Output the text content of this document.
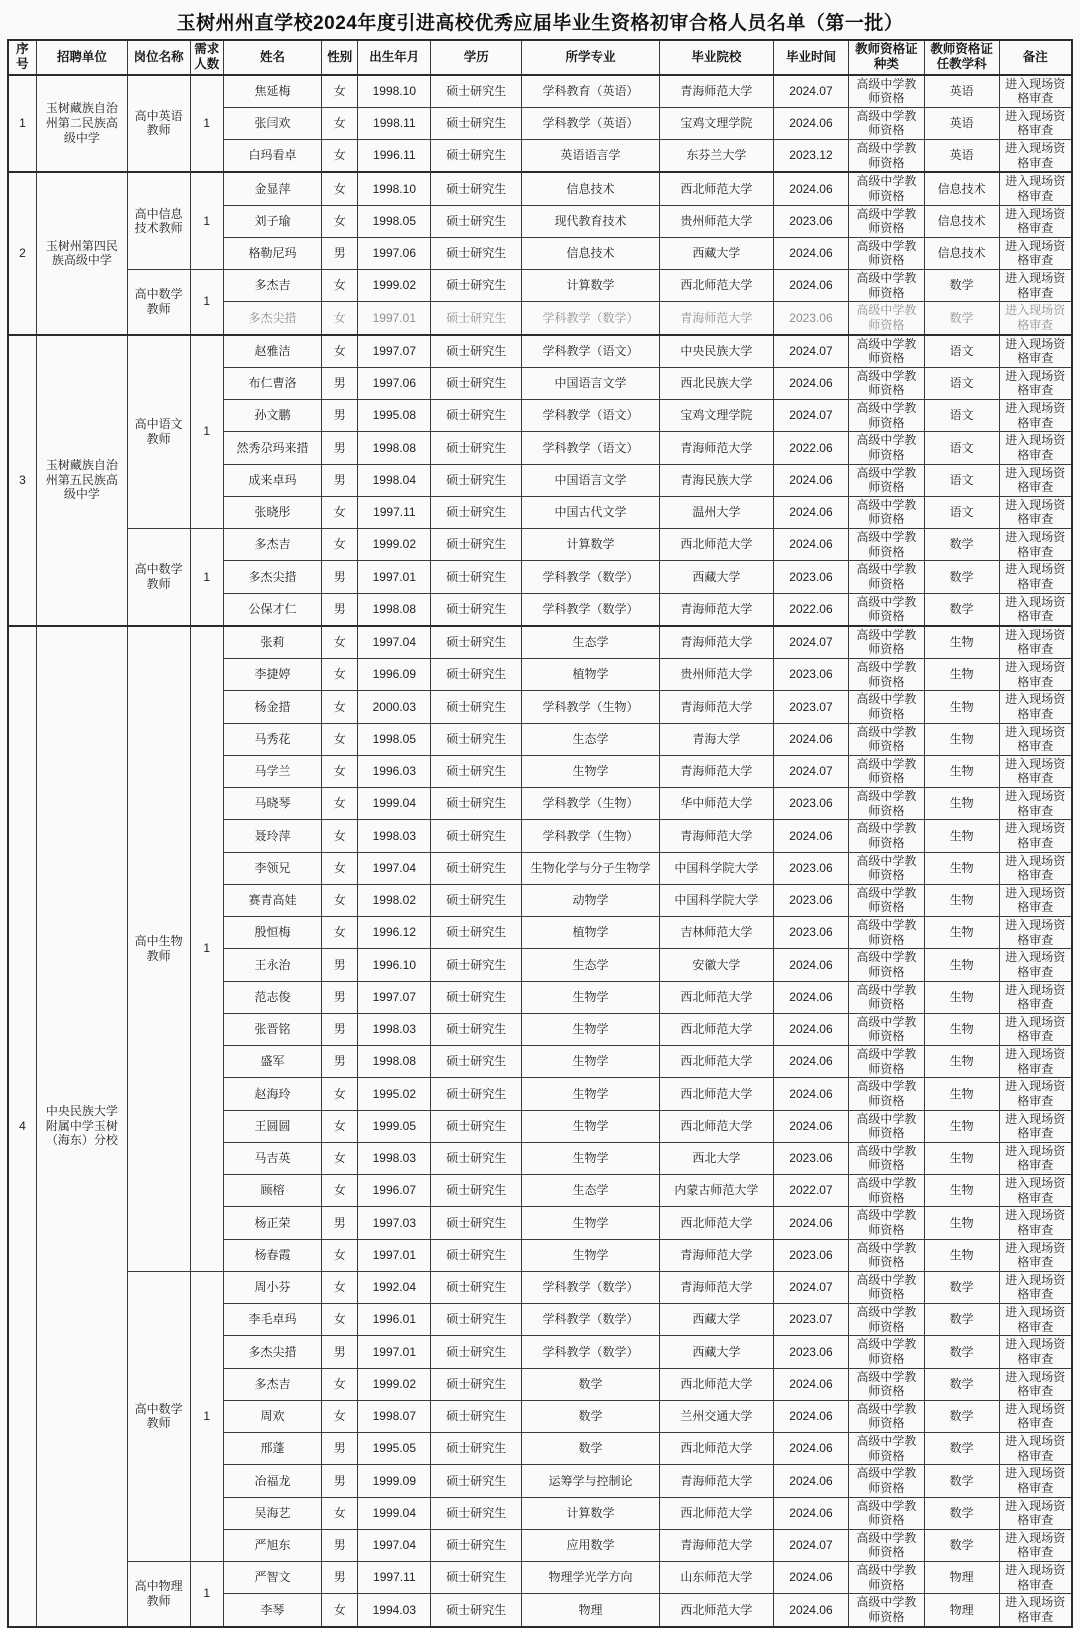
玉树州州直学校2024年度引进高校优秀应届毕业生资格初审合格人员名单（第一批）
序号	招聘单位	岗位名称	需求人数	姓名	性别	出生年月	学历	所学专业	毕业院校	毕业时间	教师资格证种类	教师资格证任教学科	备注
1	玉树藏族自治州第二民族高级中学	高中英语教师	1	焦延梅	女	1998.10	硕士研究生	学科教育（英语）	青海师范大学	2024.07	高级中学教师资格	英语	进入现场资格审查
				张闫欢	女	1998.11	硕士研究生	学科教学（英语）	宝鸡文理学院	2024.06	高级中学教师资格	英语	进入现场资格审查
				白玛看卓	女	1996.11	硕士研究生	英语语言学	东芬兰大学	2023.12	高级中学教师资格	英语	进入现场资格审查
2	玉树州第四民族高级中学	高中信息技术教师	1	金显萍	女	1998.10	硕士研究生	信息技术	西北师范大学	2024.06	高级中学教师资格	信息技术	进入现场资格审查
				刘子瑜	女	1998.05	硕士研究生	现代教育技术	贵州师范大学	2023.06	高级中学教师资格	信息技术	进入现场资格审查
				格勒尼玛	男	1997.06	硕士研究生	信息技术	西藏大学	2024.06	高级中学教师资格	信息技术	进入现场资格审查
		高中数学教师	1	多杰吉	女	1999.02	硕士研究生	计算数学	西北师范大学	2024.06	高级中学教师资格	数学	进入现场资格审查
				多杰尖措	女	1997.01	硕士研究生	学科教学（数学）	青海师范大学	2023.06	高级中学教师资格	数学	进入现场资格审查
3	玉树藏族自治州第五民族高级中学	高中语文教师	1	赵雅洁	女	1997.07	硕士研究生	学科教学（语文）	中央民族大学	2024.07	高级中学教师资格	语文	进入现场资格审查
				布仁曹洛	男	1997.06	硕士研究生	中国语言文学	西北民族大学	2024.06	高级中学教师资格	语文	进入现场资格审查
				孙文鹏	男	1995.08	硕士研究生	学科教学（语文）	宝鸡文理学院	2024.07	高级中学教师资格	语文	进入现场资格审查
				然秀尕玛来措	男	1998.08	硕士研究生	学科教学（语文）	青海师范大学	2022.06	高级中学教师资格	语文	进入现场资格审查
				成来卓玛	男	1998.04	硕士研究生	中国语言文学	青海民族大学	2024.06	高级中学教师资格	语文	进入现场资格审查
				张晓彤	女	1997.11	硕士研究生	中国古代文学	温州大学	2024.06	高级中学教师资格	语文	进入现场资格审查
		高中数学教师	1	多杰吉	女	1999.02	硕士研究生	计算数学	西北师范大学	2024.06	高级中学教师资格	数学	进入现场资格审查
				多杰尖措	男	1997.01	硕士研究生	学科教学（数学）	西藏大学	2023.06	高级中学教师资格	数学	进入现场资格审查
				公保才仁	男	1998.08	硕士研究生	学科教学（数学）	青海师范大学	2022.06	高级中学教师资格	数学	进入现场资格审查
4	中央民族大学附属中学玉树（海东）分校	高中生物教师	1	张莉	女	1997.04	硕士研究生	生态学	青海师范大学	2024.07	高级中学教师资格	生物	进入现场资格审查
				李捷婷	女	1996.09	硕士研究生	植物学	贵州师范大学	2023.06	高级中学教师资格	生物	进入现场资格审查
				杨金措	女	2000.03	硕士研究生	学科教学（生物）	青海师范大学	2023.07	高级中学教师资格	生物	进入现场资格审查
				马秀花	女	1998.05	硕士研究生	生态学	青海大学	2024.06	高级中学教师资格	生物	进入现场资格审查
				马学兰	女	1996.03	硕士研究生	生物学	青海师范大学	2024.07	高级中学教师资格	生物	进入现场资格审查
				马晓琴	女	1999.04	硕士研究生	学科教学（生物）	华中师范大学	2023.06	高级中学教师资格	生物	进入现场资格审查
				聂玲萍	女	1998.03	硕士研究生	学科教学（生物）	青海师范大学	2024.06	高级中学教师资格	生物	进入现场资格审查
				李领兄	女	1997.04	硕士研究生	生物化学与分子生物学	中国科学院大学	2023.06	高级中学教师资格	生物	进入现场资格审查
				赛青高娃	女	1998.02	硕士研究生	动物学	中国科学院大学	2023.06	高级中学教师资格	生物	进入现场资格审查
				殷恒梅	女	1996.12	硕士研究生	植物学	吉林师范大学	2023.06	高级中学教师资格	生物	进入现场资格审查
				王永治	男	1996.10	硕士研究生	生态学	安徽大学	2024.06	高级中学教师资格	生物	进入现场资格审查
				范志俊	男	1997.07	硕士研究生	生物学	西北师范大学	2024.06	高级中学教师资格	生物	进入现场资格审查
				张晋铭	男	1998.03	硕士研究生	生物学	西北师范大学	2024.06	高级中学教师资格	生物	进入现场资格审查
				盛军	男	1998.08	硕士研究生	生物学	西北师范大学	2024.06	高级中学教师资格	生物	进入现场资格审查
				赵海玲	女	1995.02	硕士研究生	生物学	西北师范大学	2024.06	高级中学教师资格	生物	进入现场资格审查
				王圆圆	女	1999.05	硕士研究生	生物学	西北师范大学	2024.06	高级中学教师资格	生物	进入现场资格审查
				马吉英	女	1998.03	硕士研究生	生物学	西北大学	2023.06	高级中学教师资格	生物	进入现场资格审查
				顾榕	女	1996.07	硕士研究生	生态学	内蒙古师范大学	2022.07	高级中学教师资格	生物	进入现场资格审查
				杨正荣	男	1997.03	硕士研究生	生物学	西北师范大学	2024.06	高级中学教师资格	生物	进入现场资格审查
				杨春霞	女	1997.01	硕士研究生	生物学	青海师范大学	2023.06	高级中学教师资格	生物	进入现场资格审查
		高中数学教师	1	周小芬	女	1992.04	硕士研究生	学科教学（数学）	青海师范大学	2024.07	高级中学教师资格	数学	进入现场资格审查
				李毛卓玛	女	1996.01	硕士研究生	学科教学（数学）	西藏大学	2023.07	高级中学教师资格	数学	进入现场资格审查
				多杰尖措	男	1997.01	硕士研究生	学科教学（数学）	西藏大学	2023.06	高级中学教师资格	数学	进入现场资格审查
				多杰吉	女	1999.02	硕士研究生	数学	西北师范大学	2024.06	高级中学教师资格	数学	进入现场资格审查
				周欢	女	1998.07	硕士研究生	数学	兰州交通大学	2024.06	高级中学教师资格	数学	进入现场资格审查
				邢蓬	男	1995.05	硕士研究生	数学	西北师范大学	2024.06	高级中学教师资格	数学	进入现场资格审查
				冶福龙	男	1999.09	硕士研究生	运筹学与控制论	青海师范大学	2024.06	高级中学教师资格	数学	进入现场资格审查
				吴海艺	女	1999.04	硕士研究生	计算数学	西北师范大学	2024.06	高级中学教师资格	数学	进入现场资格审查
				严旭东	男	1997.04	硕士研究生	应用数学	青海师范大学	2024.07	高级中学教师资格	数学	进入现场资格审查
		高中物理教师	1	严智文	男	1997.11	硕士研究生	物理学光学方向	山东师范大学	2024.06	高级中学教师资格	物理	进入现场资格审查
				李琴	女	1994.03	硕士研究生	物理	西北师范大学	2024.06	高级中学教师资格	物理	进入现场资格审查
